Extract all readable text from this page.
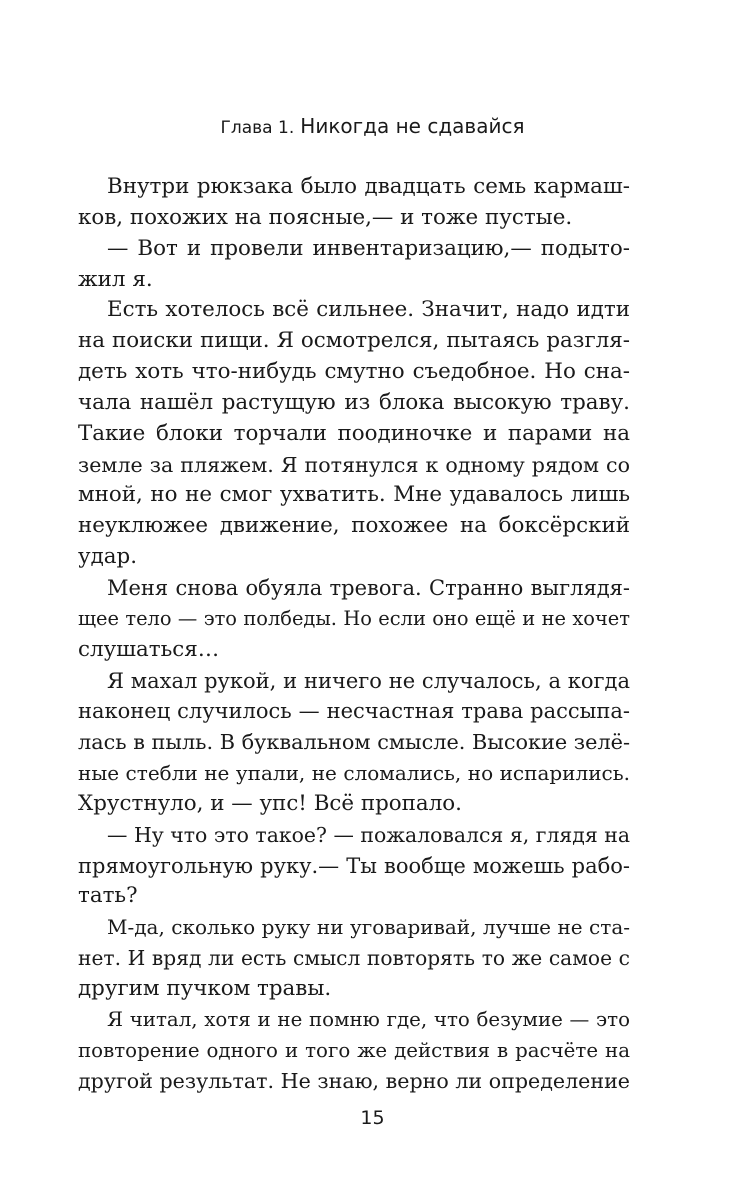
Глава 1. Никогда не сдавайся
Внутри рюкзака было двадцать семь кармаш-
ков, похожих на поясные,— и тоже пустые.
— Вот и провели инвентаризацию,— подыто-
жил я.
Есть хотелось всё сильнее. Значит, надо идти
на поиски пищи. Я осмотрелся, пытаясь разгля-
деть хоть что-нибудь смутно съедобное. Но сна-
чала нашёл растущую из блока высокую траву.
Такие блоки торчали поодиночке и парами на
земле за пляжем. Я потянулся к одному рядом со
мной, но не смог ухватить. Мне удавалось лишь
неуклюжее движение, похожее на боксёрский
удар.
Меня снова обуяла тревога. Странно выглядя-
щее тело — это полбеды. Но если оно ещё и не хочет
слушаться…
Я махал рукой, и ничего не случалось, а когда
наконец случилось — несчастная трава рассыпа-
лась в пыль. В буквальном смысле. Высокие зелё-
ные стебли не упали, не сломались, но испарились.
Хрустнуло, и — упс! Всё пропало.
— Ну что это такое? — пожаловался я, глядя на
прямоугольную руку.— Ты вообще можешь рабо-
тать?
М-да, сколько руку ни уговаривай, лучше не ста-
нет. И вряд ли есть смысл повторять то же самое с
другим пучком травы.
Я читал, хотя и не помню где, что безумие — это
повторение одного и того же действия в расчёте на
другой результат. Не знаю, верно ли определение
15
